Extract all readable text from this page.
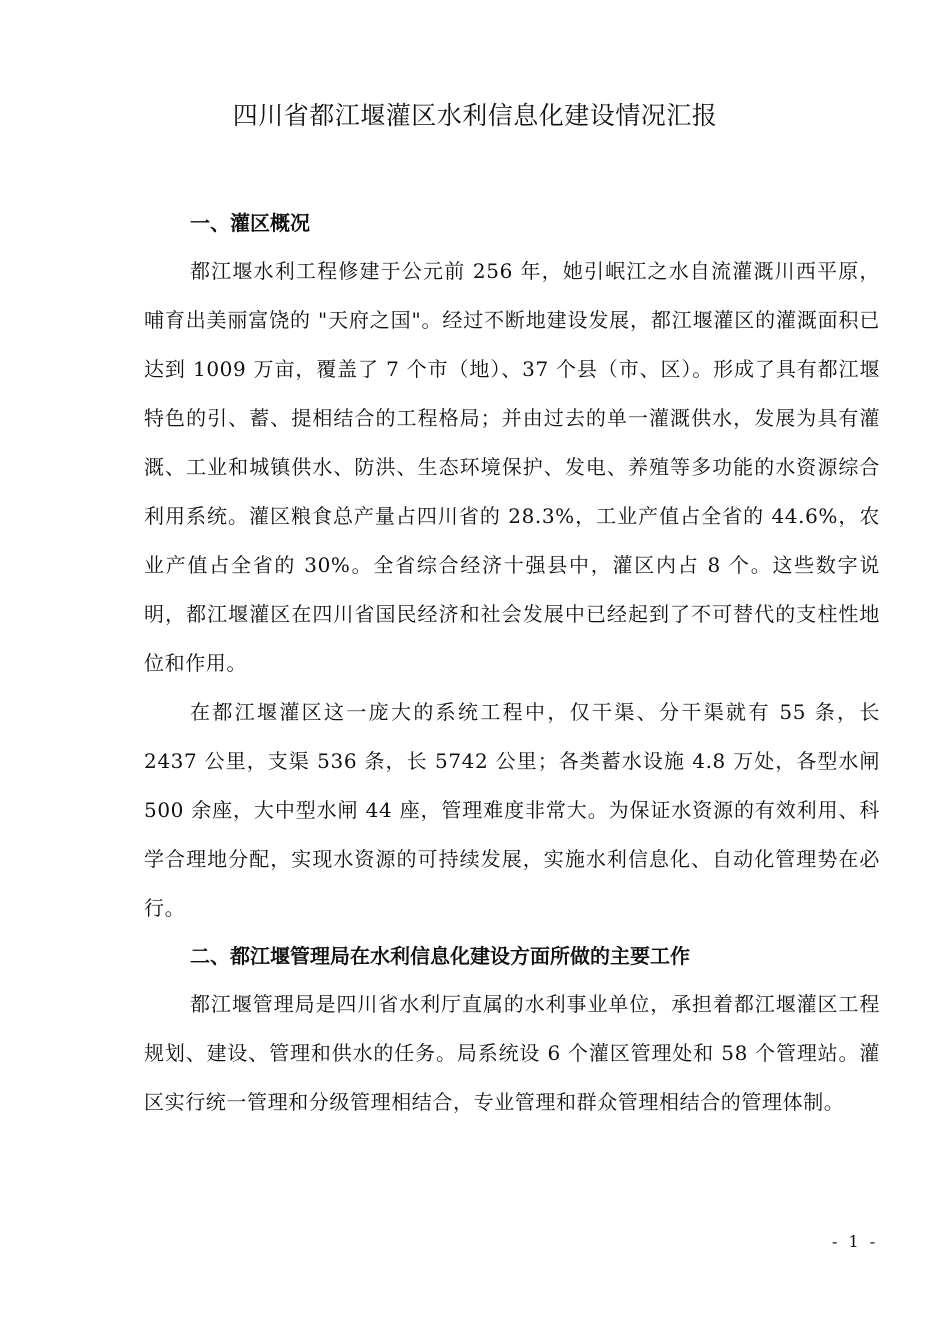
四川省都江堰灌区水利信息化建设情况汇报
一、灌区概况

都江堰水利工程修建于公元前 256 年，她引岷江之水自流灌溉川西平原，哺育出美丽富饶的 "天府之国"。经过不断地建设发展，都江堰灌区的灌溉面积已达到 1009 万亩，覆盖了 7 个市（地）、37 个县（市、区）。形成了具有都江堰特色的引、蓄、提相结合的工程格局；并由过去的单一灌溉供水，发展为具有灌溉、工业和城镇供水、防洪、生态环境保护、发电、养殖等多功能的水资源综合利用系统。灌区粮食总产量占四川省的 28.3%，工业产值占全省的 44.6%，农业产值占全省的 30%。全省综合经济十强县中，灌区内占 8 个。这些数字说明，都江堰灌区在四川省国民经济和社会发展中已经起到了不可替代的支柱性地位和作用。

在都江堰灌区这一庞大的系统工程中，仅干渠、分干渠就有 55 条，长 2437 公里，支渠 536 条，长 5742 公里；各类蓄水设施 4.8 万处，各型水闸 500 余座，大中型水闸 44 座，管理难度非常大。为保证水资源的有效利用、科学合理地分配，实现水资源的可持续发展，实施水利信息化、自动化管理势在必行。

二、都江堰管理局在水利信息化建设方面所做的主要工作

都江堰管理局是四川省水利厅直属的水利事业单位，承担着都江堰灌区工程规划、建设、管理和供水的任务。局系统设 6 个灌区管理处和 58 个管理站。灌区实行统一管理和分级管理相结合，专业管理和群众管理相结合的管理体制。

- 1 -
